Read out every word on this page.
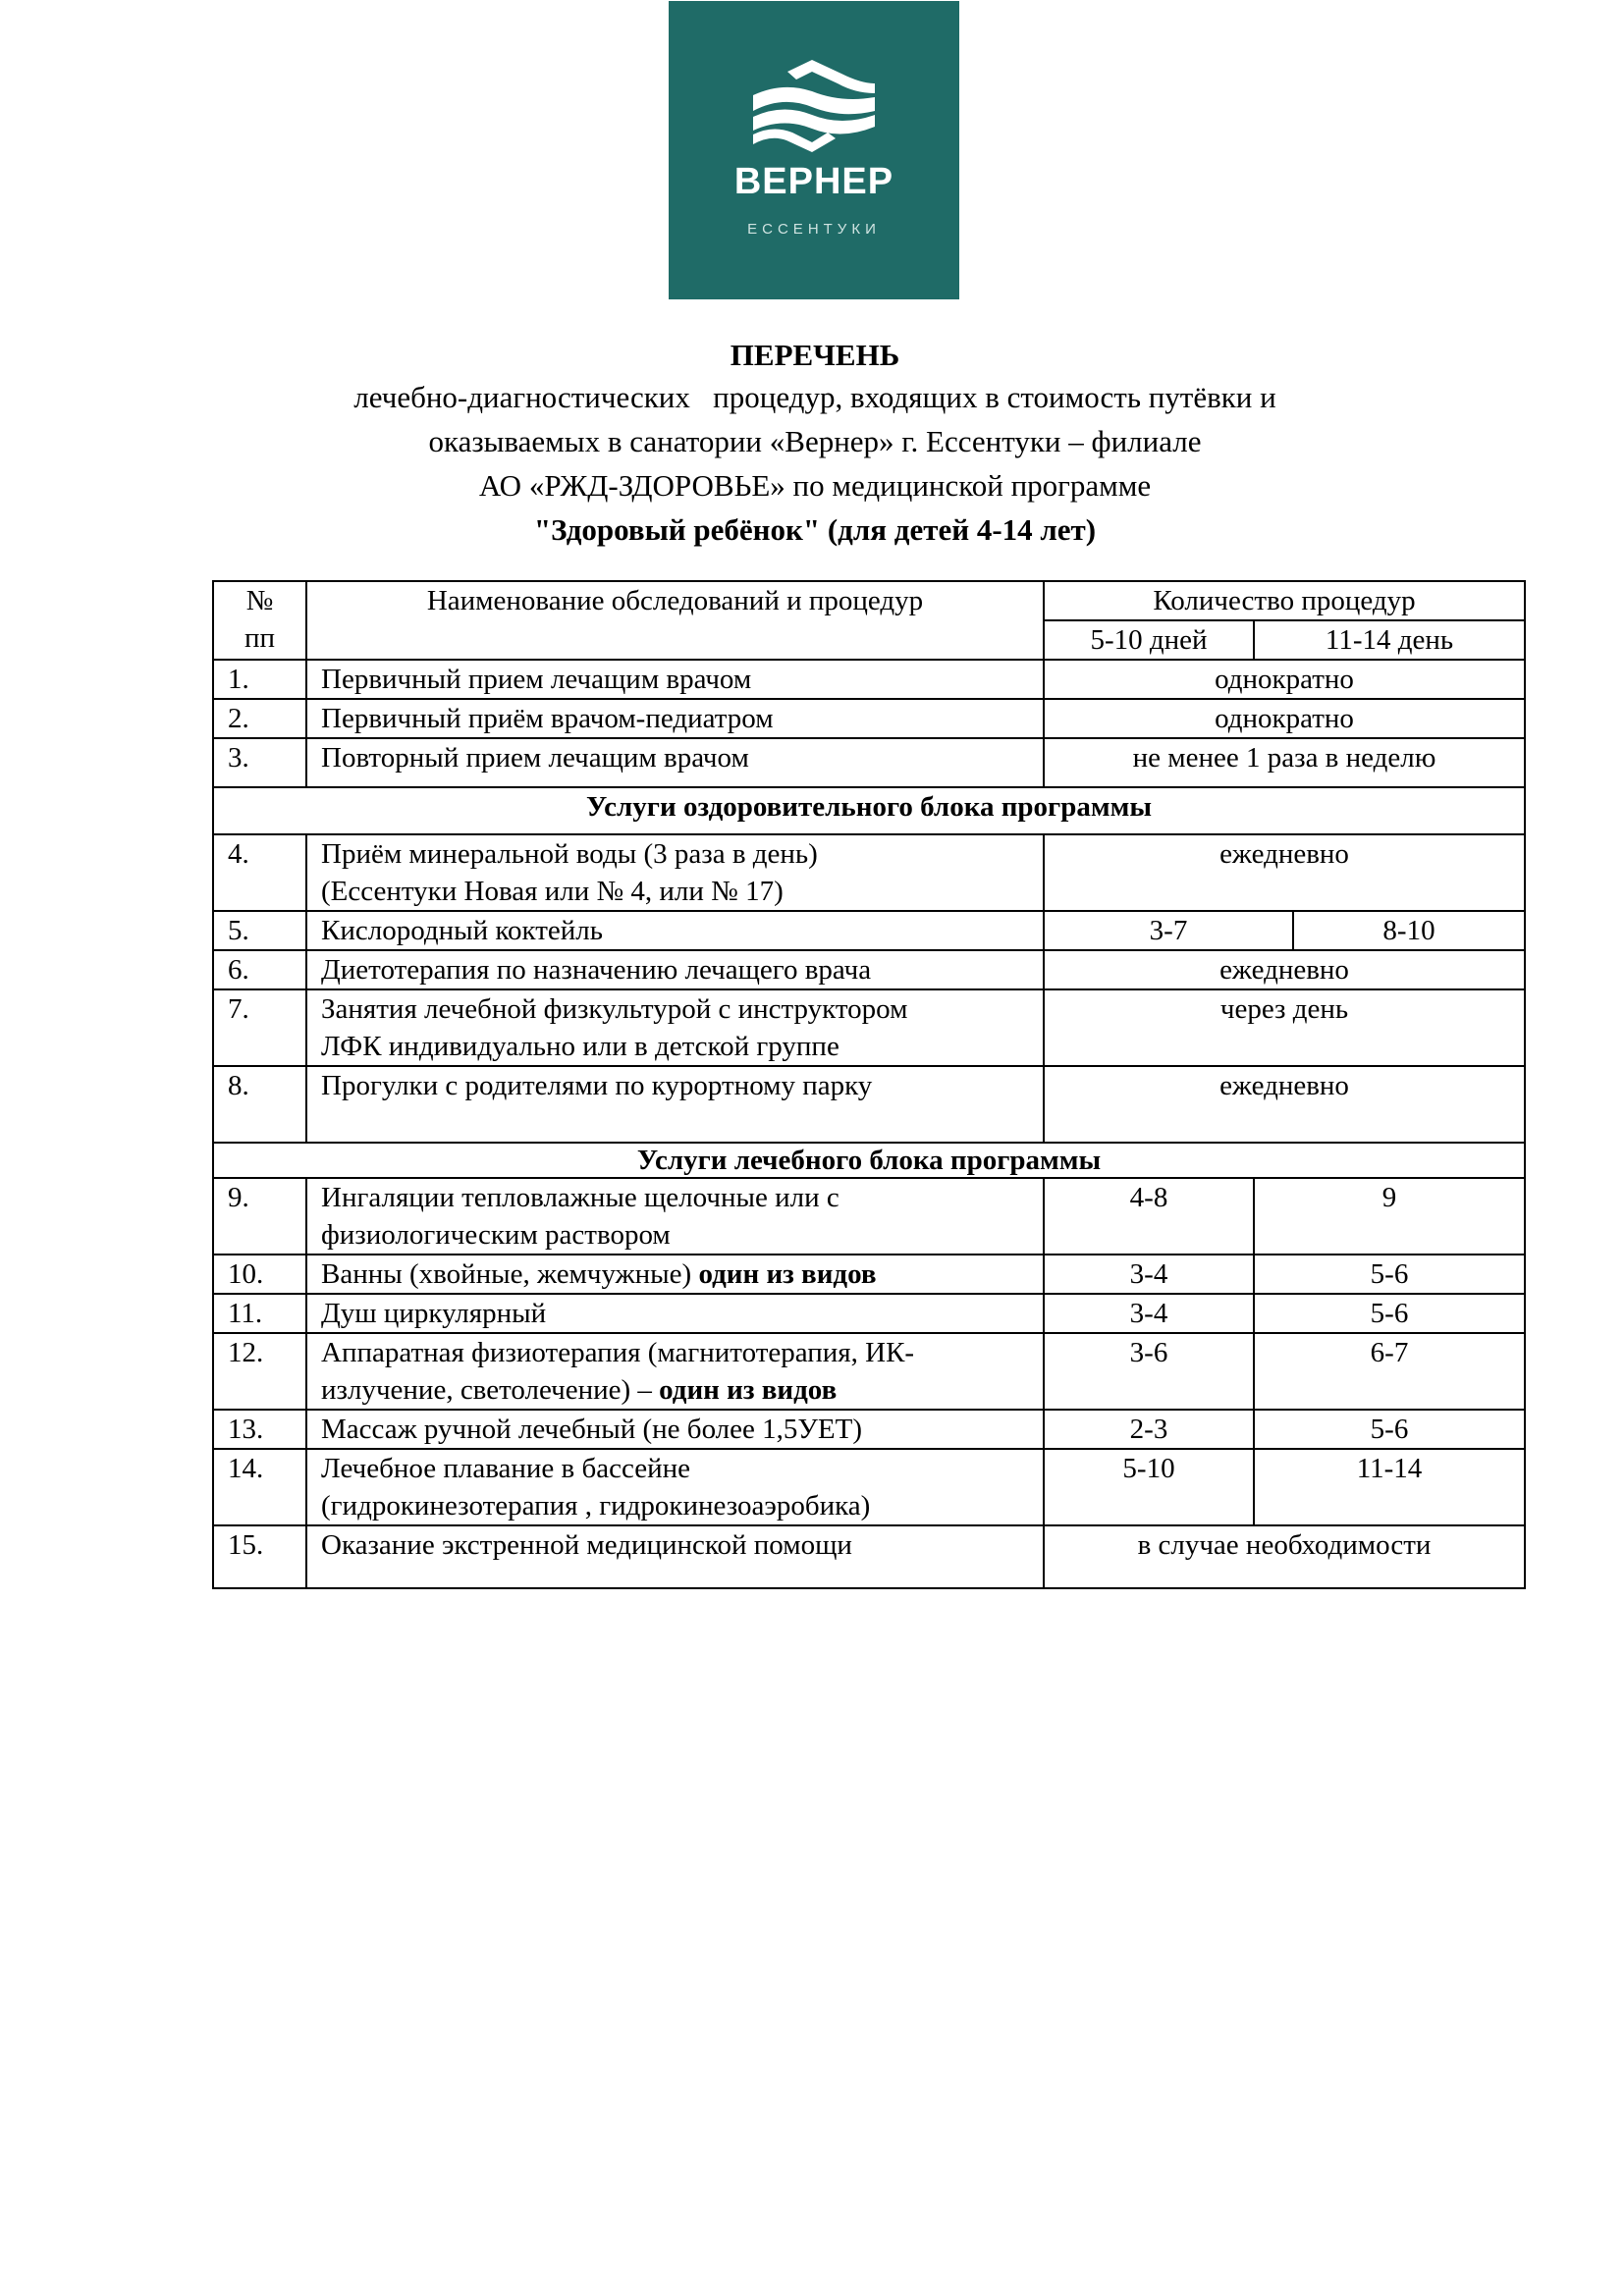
ВЕРНЕР
ЕССЕНТУКИ
ПЕРЕЧЕНЬ
лечебно-диагностических   процедур, входящих в стоимость путёвки и
оказываемых в санатории «Вернер» г. Ессентуки – филиале
АО «РЖД-ЗДОРОВЬЕ» по медицинской программе
"Здоровый ребёнок" (для детей 4-14 лет)
№
пп	Наименование обследований и процедур	Количество процедур	
		5-10 дней	11-14 день
1.	Первичный прием лечащим врачом	однократно	
2.	Первичный приём врачом-педиатром	однократно	
3.	Повторный прием лечащим врачом	не менее 1 раза в неделю	
Услуги оздоровительного блока программы			
4.	Приём минеральной воды (3 раза в день)
(Ессентуки Новая или № 4, или № 17)	ежедневно	
5.	Кислородный коктейль	3-7 8-10	

6.	Диетотерапия по назначению лечащего врача	ежедневно	
7.	Занятия лечебной физкультурой с инструктором
ЛФК индивидуально или в детской группе	через день	
8.	Прогулки с родителями по курортному парку	ежедневно	
Услуги лечебного блока программы			
9.	Ингаляции тепловлажные щелочные или с
физиологическим раствором	4-8	9
10.	Ванны (хвойные, жемчужные) один из видов	3-4	5-6
11.	Душ циркулярный	3-4	5-6
12.	Аппаратная физиотерапия (магнитотерапия, ИК-
излучение, светолечение) – один из видов	3-6	6-7
13.	Массаж ручной лечебный (не более 1,5УЕТ)	2-3	5-6
14.	Лечебное плавание в бассейне
(гидрокинезотерапия , гидрокинезоаэробика)	5-10	11-14
15.	Оказание экстренной медицинской помощи	в случае необходимости	
